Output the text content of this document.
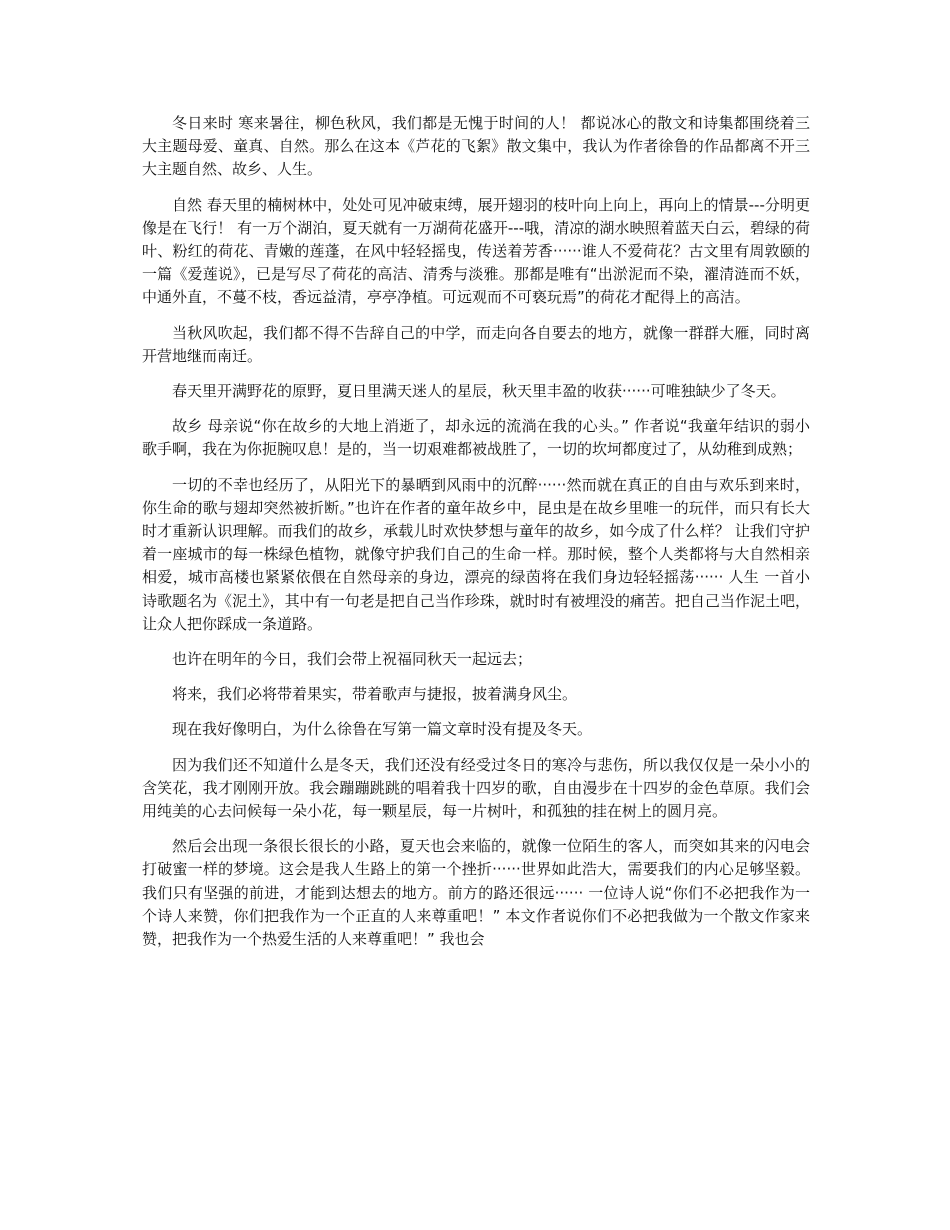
冬日来时 寒来暑往，柳色秋风，我们都是无愧于时间的人！ 都说冰心的散文和诗集都围绕着三大主题母爱、童真、自然。那么在这本《芦花的飞絮》散文集中，我认为作者徐鲁的作品都离不开三大主题自然、故乡、人生。

自然 春天里的楠树林中，处处可见冲破束缚，展开翅羽的枝叶向上向上，再向上的情景---分明更像是在飞行！ 有一万个湖泊，夏天就有一万湖荷花盛开---哦，清凉的湖水映照着蓝天白云，碧绿的荷叶、粉红的荷花、青嫩的莲蓬，在风中轻轻摇曳，传送着芳香······谁人不爱荷花？古文里有周敦颐的一篇《爱莲说》，已是写尽了荷花的高洁、清秀与淡雅。那都是唯有“出淤泥而不染，濯清涟而不妖，中通外直，不蔓不枝，香远益清，亭亭净植。可远观而不可亵玩焉”的荷花才配得上的高洁。

当秋风吹起，我们都不得不告辞自己的中学，而走向各自要去的地方，就像一群群大雁，同时离开营地继而南迁。

春天里开满野花的原野，夏日里满天迷人的星辰，秋天里丰盈的收获······可唯独缺少了冬天。

故乡 母亲说“你在故乡的大地上消逝了，却永远的流淌在我的心头。” 作者说“我童年结识的弱小歌手啊，我在为你扼腕叹息！是的，当一切艰难都被战胜了，一切的坎坷都度过了，从幼稚到成熟；

一切的不幸也经历了，从阳光下的暴晒到风雨中的沉醉······然而就在真正的自由与欢乐到来时，你生命的歌与翅却突然被折断。”也许在作者的童年故乡中，昆虫是在故乡里唯一的玩伴，而只有长大时才重新认识理解。而我们的故乡，承载儿时欢快梦想与童年的故乡，如今成了什么样？ 让我们守护着一座城市的每一株绿色植物，就像守护我们自己的生命一样。那时候，整个人类都将与大自然相亲相爱，城市高楼也紧紧依偎在自然母亲的身边，漂亮的绿茵将在我们身边轻轻摇荡······ 人生 一首小诗歌题名为《泥土》，其中有一句老是把自己当作珍珠，就时时有被埋没的痛苦。把自己当作泥土吧，让众人把你踩成一条道路。

也许在明年的今日，我们会带上祝福同秋天一起远去；

将来，我们必将带着果实，带着歌声与捷报，披着满身风尘。

现在我好像明白，为什么徐鲁在写第一篇文章时没有提及冬天。

因为我们还不知道什么是冬天，我们还没有经受过冬日的寒冷与悲伤，所以我仅仅是一朵小小的含笑花，我才刚刚开放。我会蹦蹦跳跳的唱着我十四岁的歌，自由漫步在十四岁的金色草原。我们会用纯美的心去问候每一朵小花，每一颗星辰，每一片树叶，和孤独的挂在树上的圆月亮。

然后会出现一条很长很长的小路，夏天也会来临的，就像一位陌生的客人，而突如其来的闪电会打破蜜一样的梦境。这会是我人生路上的第一个挫折······世界如此浩大，需要我们的内心足够坚毅。我们只有坚强的前进，才能到达想去的地方。前方的路还很远······ 一位诗人说“你们不必把我作为一个诗人来赞，你们把我作为一个正直的人来尊重吧！” 本文作者说你们不必把我做为一个散文作家来赞，把我作为一个热爱生活的人来尊重吧！” 我也会
